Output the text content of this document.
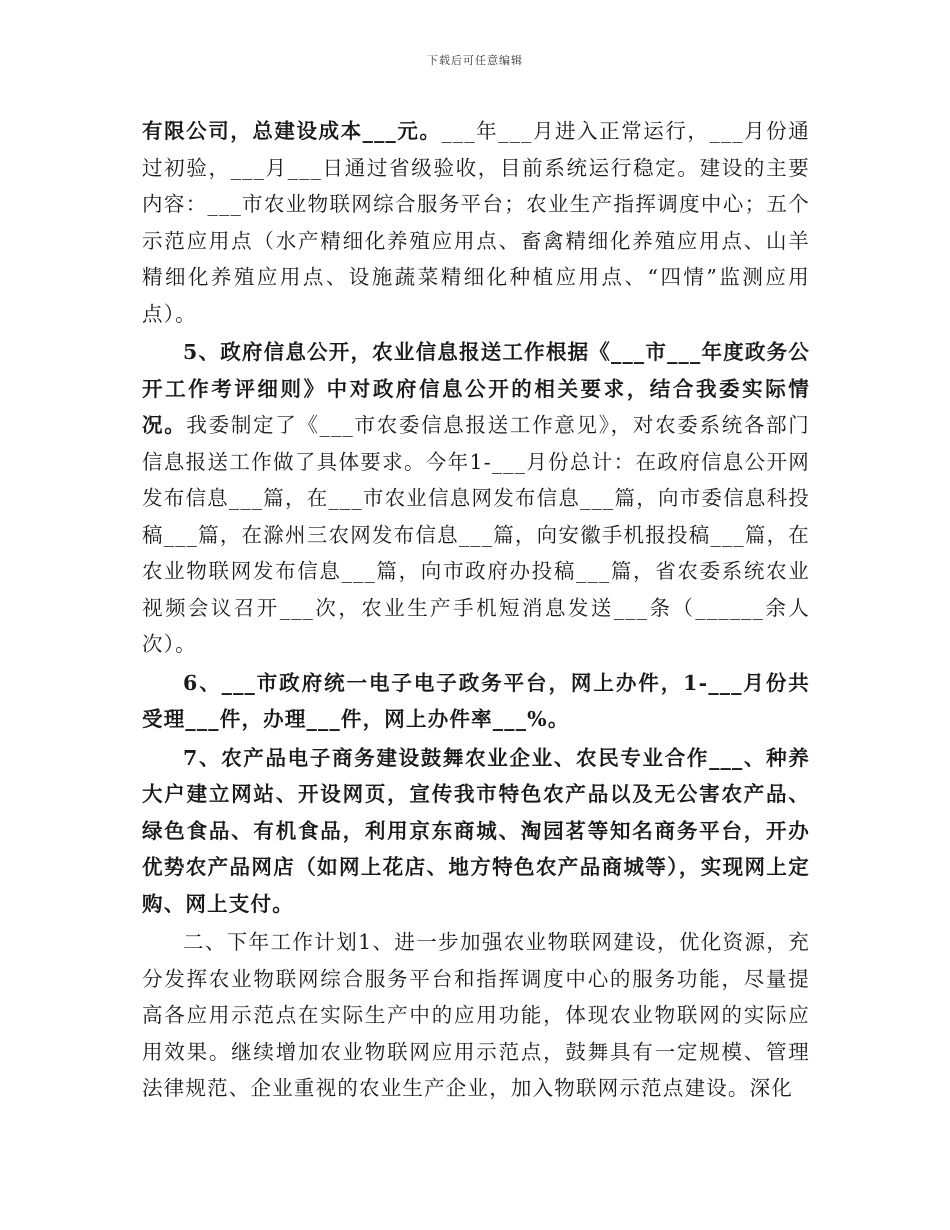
下载后可任意编辑

有限公司，总建设成本___元。___年___月进入正常运行，___月份通过初验，___月___日通过省级验收，目前系统运行稳定。建设的主要内容：___市农业物联网综合服务平台；农业生产指挥调度中心；五个示范应用点（水产精细化养殖应用点、畜禽精细化养殖应用点、山羊精细化养殖应用点、设施蔬菜精细化种植应用点、“四情”监测应用点）。

5、政府信息公开，农业信息报送工作根据《___市___年度政务公开工作考评细则》中对政府信息公开的相关要求，结合我委实际情况。我委制定了《___市农委信息报送工作意见》，对农委系统各部门信息报送工作做了具体要求。今年1-___月份总计：在政府信息公开网发布信息___篇，在___市农业信息网发布信息___篇，向市委信息科投稿___篇，在滁州三农网发布信息___篇，向安徽手机报投稿___篇，在农业物联网发布信息___篇，向市政府办投稿___篇，省农委系统农业视频会议召开___次，农业生产手机短消息发送___条（______余人次）。

6、___市政府统一电子电子政务平台，网上办件，1-___月份共受理___件，办理___件，网上办件率___%。

7、农产品电子商务建设鼓舞农业企业、农民专业合作___、种养大户建立网站、开设网页，宣传我市特色农产品以及无公害农产品、绿色食品、有机食品，利用京东商城、淘园茗等知名商务平台，开办优势农产品网店（如网上花店、地方特色农产品商城等），实现网上定购、网上支付。

二、下年工作计划1、进一步加强农业物联网建设，优化资源，充分发挥农业物联网综合服务平台和指挥调度中心的服务功能，尽量提高各应用示范点在实际生产中的应用功能，体现农业物联网的实际应用效果。继续增加农业物联网应用示范点，鼓舞具有一定规模、管理法律规范、企业重视的农业生产企业，加入物联网示范点建设。深化
